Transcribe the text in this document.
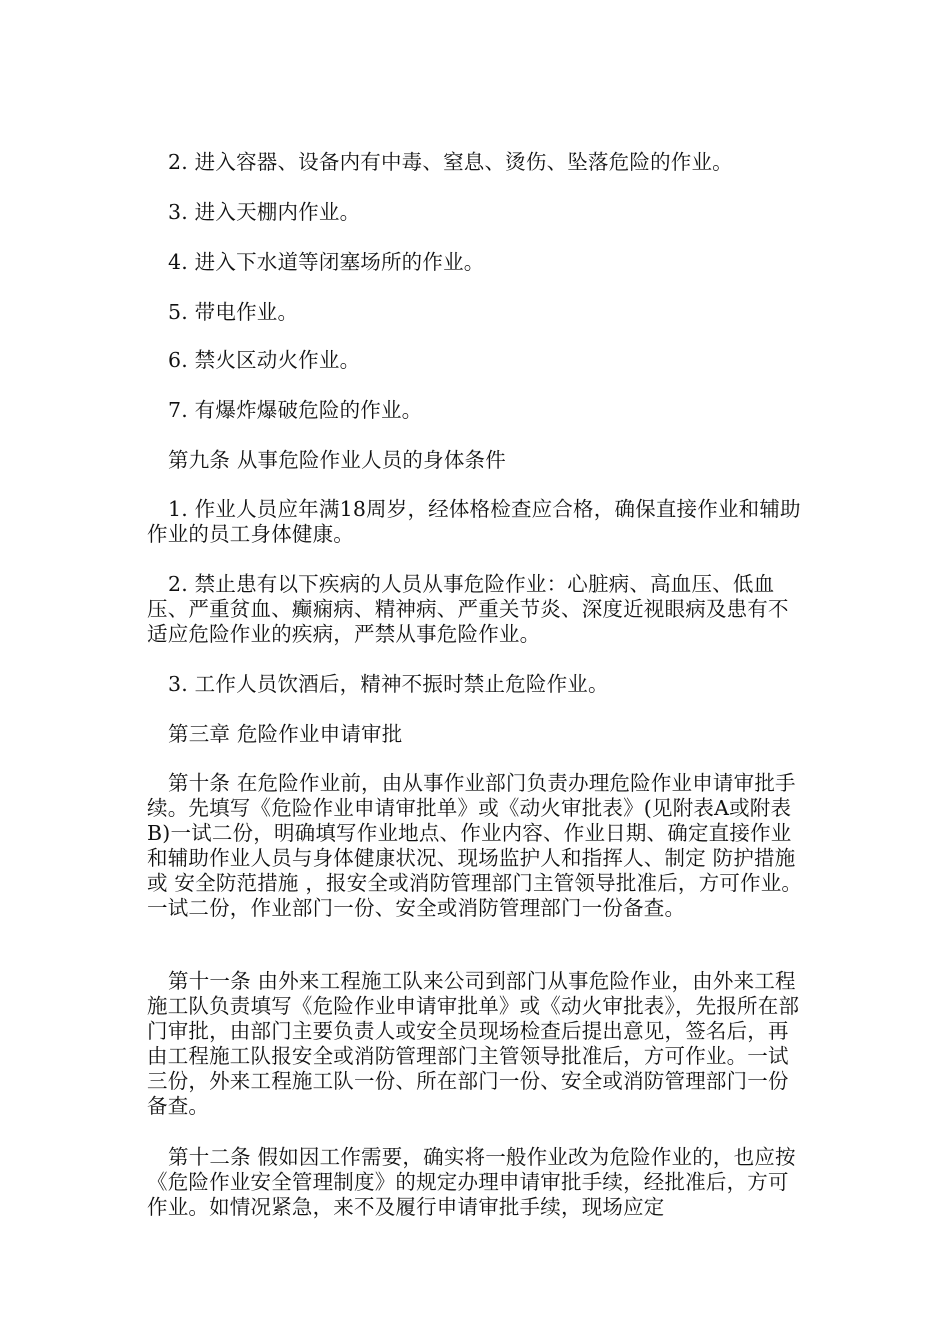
2. 进入容器、设备内有中毒、窒息、烫伤、坠落危险的作业。

3. 进入天棚内作业。

4. 进入下水道等闭塞场所的作业。

5. 带电作业。

6. 禁火区动火作业。

7. 有爆炸爆破危险的作业。

第九条 从事危险作业人员的身体条件

1. 作业人员应年满18周岁，经体格检查应合格，确保直接作业和辅助作业的员工身体健康。

2. 禁止患有以下疾病的人员从事危险作业：心脏病、高血压、低血压、严重贫血、癫痫病、精神病、严重关节炎、深度近视眼病及患有不适应危险作业的疾病，严禁从事危险作业。

3. 工作人员饮酒后，精神不振时禁止危险作业。

第三章 危险作业申请审批

第十条 在危险作业前，由从事作业部门负责办理危险作业申请审批手续。先填写《危险作业申请审批单》或《动火审批表》(见附表A或附表B)一试二份，明确填写作业地点、作业内容、作业日期、确定直接作业和辅助作业人员与身体健康状况、现场监护人和指挥人、制定 防护措施 或 安全防范措施 ，报安全或消防管理部门主管领导批准后，方可作业。一试二份，作业部门一份、安全或消防管理部门一份备查。

第十一条 由外来工程施工队来公司到部门从事危险作业，由外来工程施工队负责填写《危险作业申请审批单》或《动火审批表》，先报所在部门审批，由部门主要负责人或安全员现场检查后提出意见，签名后，再由工程施工队报安全或消防管理部门主管领导批准后，方可作业。一试三份，外来工程施工队一份、所在部门一份、安全或消防管理部门一份备查。

第十二条 假如因工作需要，确实将一般作业改为危险作业的，也应按《危险作业安全管理制度》的规定办理申请审批手续，经批准后，方可作业。如情况紧急，来不及履行申请审批手续，现场应定
